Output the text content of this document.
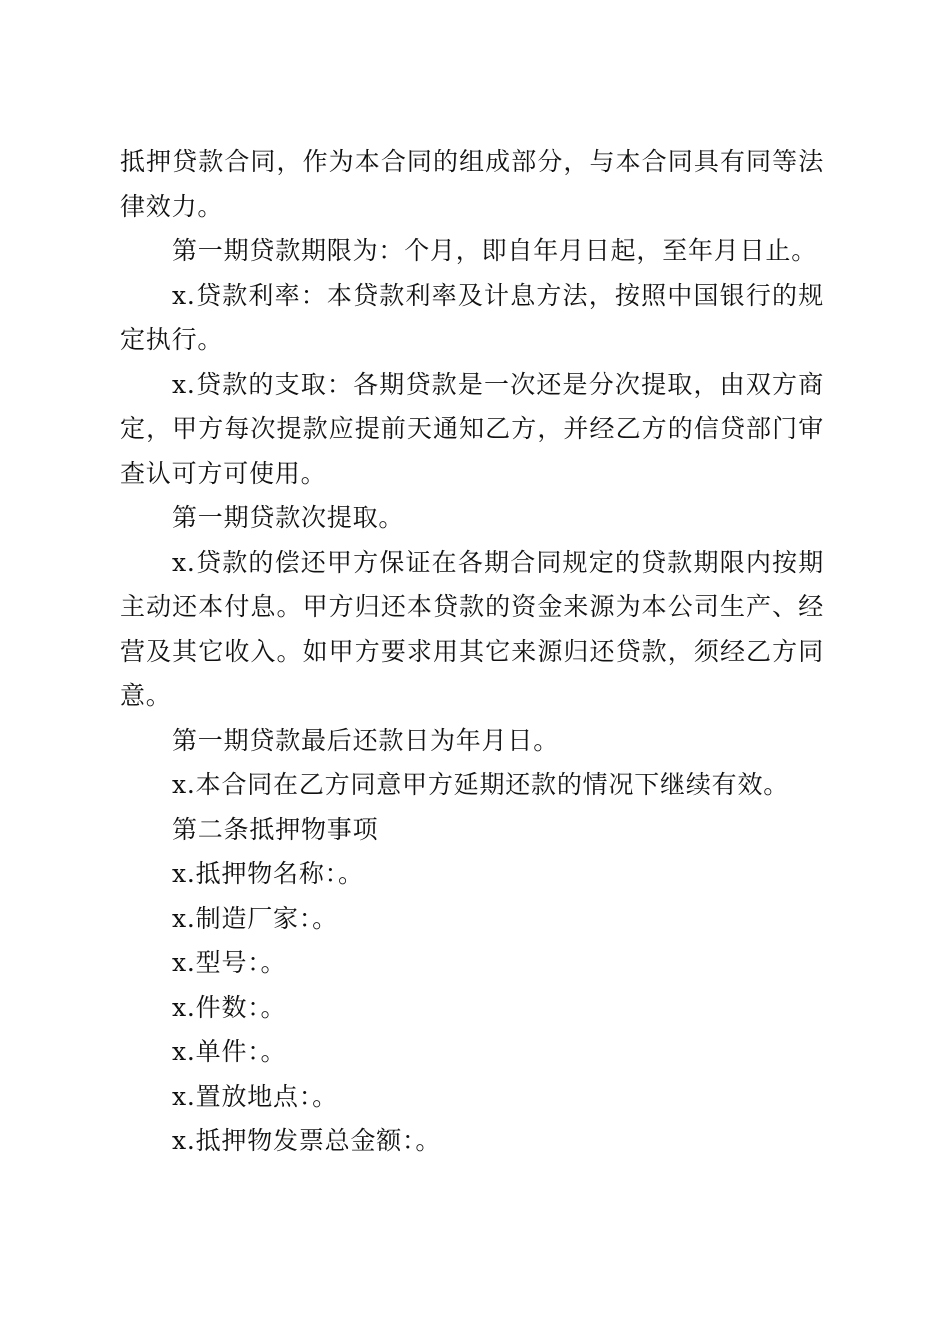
抵押贷款合同，作为本合同的组成部分，与本合同具有同等法律效力。

第一期贷款期限为：个月，即自年月日起，至年月日止。

x.贷款利率：本贷款利率及计息方法，按照中国银行的规定执行。

x.贷款的支取：各期贷款是一次还是分次提取，由双方商定，甲方每次提款应提前天通知乙方，并经乙方的信贷部门审查认可方可使用。

第一期贷款次提取。

x.贷款的偿还甲方保证在各期合同规定的贷款期限内按期主动还本付息。甲方归还本贷款的资金来源为本公司生产、经营及其它收入。如甲方要求用其它来源归还贷款，须经乙方同意。

第一期贷款最后还款日为年月日。

x.本合同在乙方同意甲方延期还款的情况下继续有效。

第二条抵押物事项

x.抵押物名称：。

x.制造厂家：。

x.型号：。

x.件数：。

x.单件：。

x.置放地点：。

x.抵押物发票总金额：。
